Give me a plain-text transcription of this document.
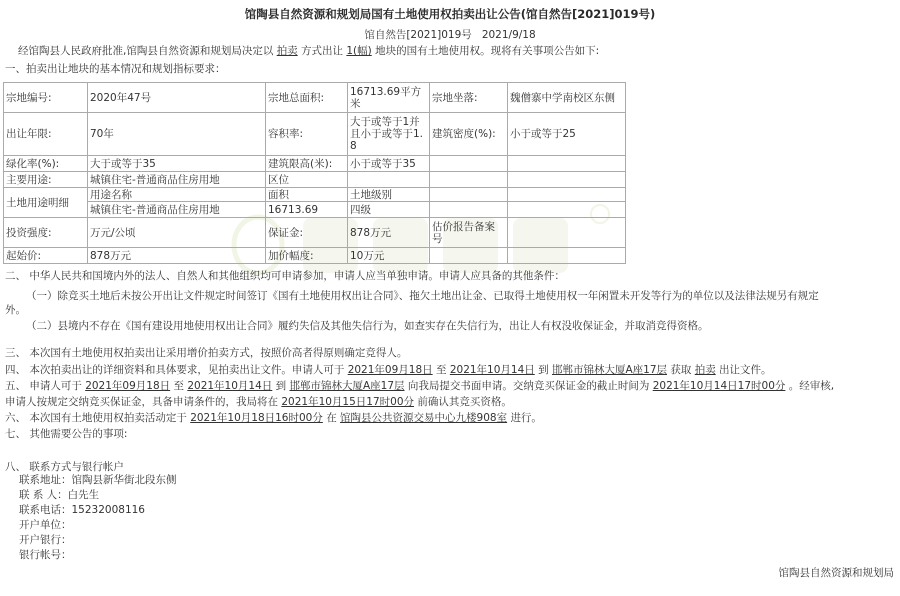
馆陶县自然资源和规划局国有土地使用权拍卖出让公告(馆自然告[2021]019号)
馆自然告[2021]019号 2021/9/18
经馆陶县人民政府批准,馆陶县自然资源和规划局决定以 拍卖 方式出让 1(幅) 地块的国有土地使用权。现将有关事项公告如下:
一、拍卖出让地块的基本情况和规划指标要求：
宗地编号:	2020年47号	宗地总面积:	16713.69平方米	宗地坐落:	魏僧寨中学南校区东侧
出让年限:	70年	容积率:	大于或等于1并且小于或等于1.8	建筑密度(%):	小于或等于25
绿化率(%):	大于或等于35	建筑限高(米):	小于或等于35		
主要用途:	城镇住宅-普通商品住房用地	区位			
土地用途明细	用途名称	面积	土地级别		
	城镇住宅-普通商品住房用地	16713.69	四级		
投资强度:	万元/公顷	保证金:	878万元	估价报告备案号	
起始价:	878万元	加价幅度:	10万元		
二、 中华人民共和国境内外的法人、自然人和其他组织均可申请参加，申请人应当单独申请。申请人应具备的其他条件：
（一）除竞买土地后未按公开出让文件规定时间签订《国有土地使用权出让合同》、拖欠土地出让金、已取得土地使用权一年闲置未开发等行为的单位以及法律法规另有规定
外。
（二）县境内不存在《国有建设用地使用权出让合同》履约失信及其他失信行为，如查实存在失信行为，出让人有权没收保证金，并取消竞得资格。
三、 本次国有土地使用权拍卖出让采用增价拍卖方式，按照价高者得原则确定竞得人。
四、 本次拍卖出让的详细资料和具体要求，见拍卖出让文件。申请人可于 2021年09月18日 至 2021年10月14日 到 邯郸市锦林大厦A座17层 获取 拍卖 出让文件。
五、 申请人可于 2021年09月18日 至 2021年10月14日 到 邯郸市锦林大厦A座17层 向我局提交书面申请。交纳竞买保证金的截止时间为 2021年10月14日17时00分 。经审核,
申请人按规定交纳竞买保证金，具备申请条件的，我局将在 2021年10月15日17时00分 前确认其竞买资格。
六、 本次国有土地使用权拍卖活动定于 2021年10月18日16时00分 在 馆陶县公共资源交易中心九楼908室 进行。
七、 其他需要公告的事项:
八、 联系方式与银行帐户
联系地址：馆陶县新华街北段东侧
联 系 人：白先生
联系电话：15232008116
开户单位：
开户银行：
银行帐号：
馆陶县自然资源和规划局
